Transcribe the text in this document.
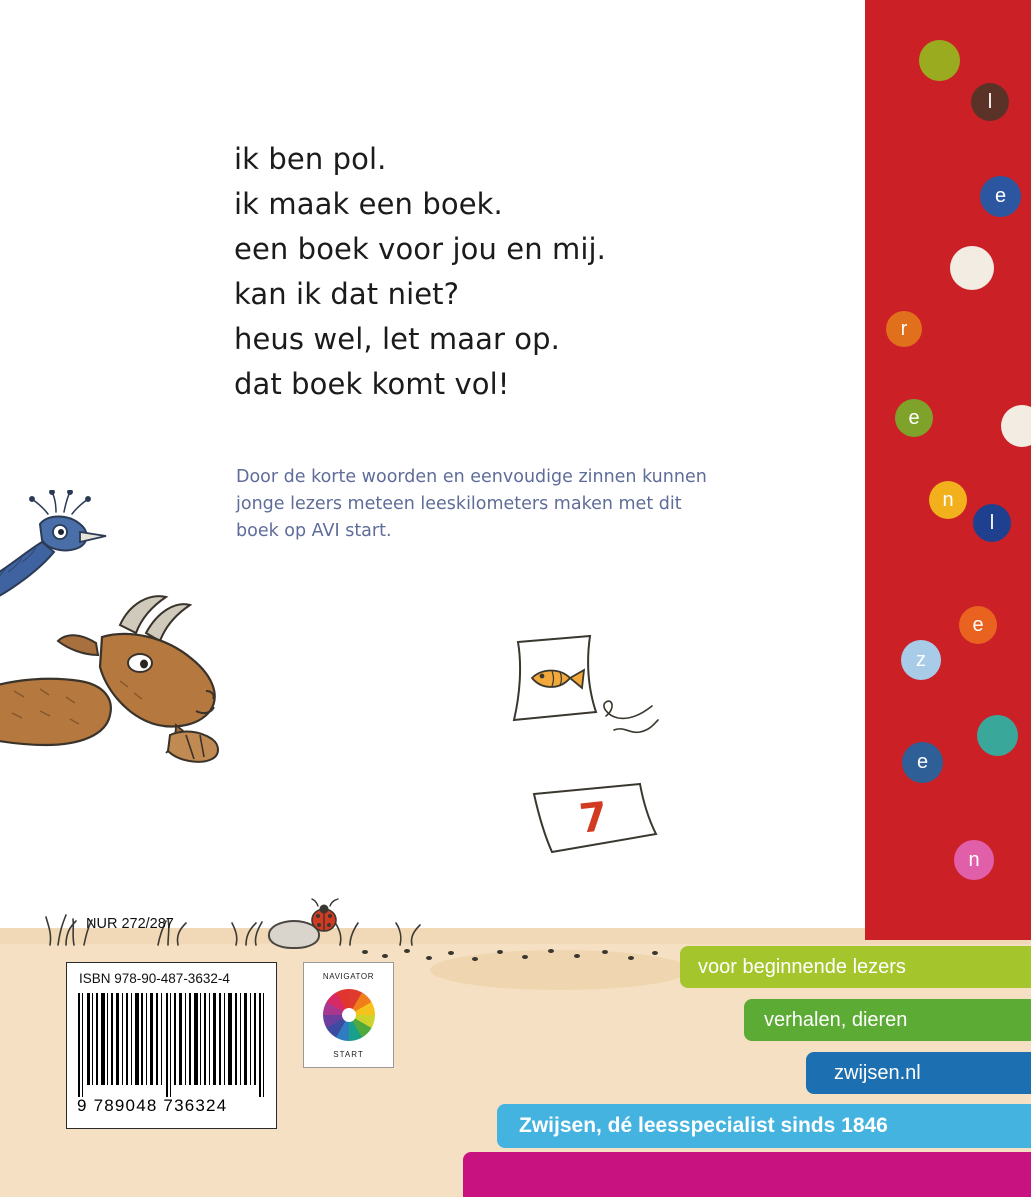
7
ik ben pol.
ik maak een boek.
een boek voor jou en mij.
kan ik dat niet?
heus wel, let maar op.
dat boek komt vol!
Door de korte woorden en eenvoudige zinnen kunnen jonge lezers meteen leeskilometers maken met dit boek op AVI start.
NUR 272/287
ISBN 978-90-487-3632-4
9 789048 736324
NAVIGATOR
START
l
e
r
e
n
l
e
z
e
n
voor beginnende lezers
verhalen, dieren
zwijsen.nl
Zwijsen, dé leesspecialist sinds 1846
